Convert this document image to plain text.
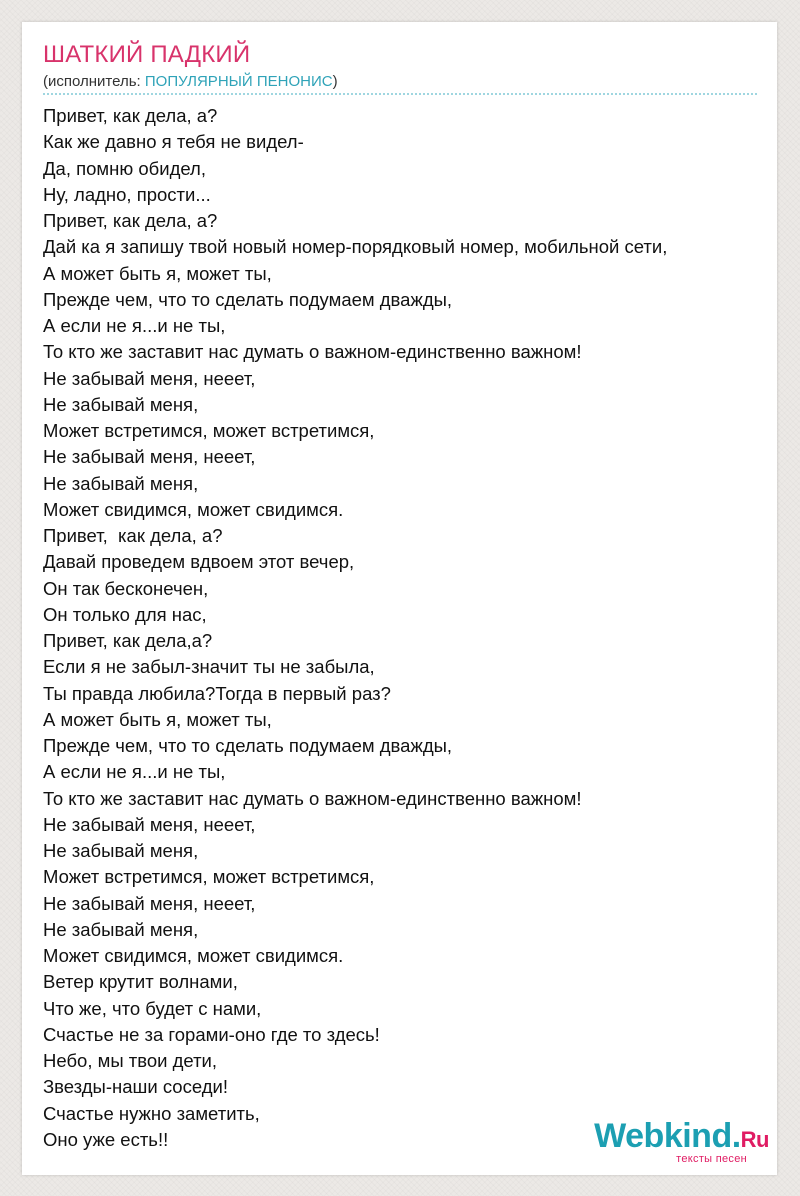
ШАТКИЙ ПАДКИЙ
(исполнитель: ПОПУЛЯРНЫЙ ПЕНОНИС)
Привет, как дела, а?
Как же давно я тебя не видел-
Да, помню обидел,
Ну, ладно, прости...
Привет, как дела, а?
Дай ка я запишу твой новый номер-порядковый номер, мобильной сети,
А может быть я, может ты,
Прежде чем, что то сделать подумаем дважды,
А если не я...и не ты,
То кто же заставит нас думать о важном-единственно важном!
Не забывай меня, нееет,
Не забывай меня,
Может встретимся, может встретимся,
Не забывай меня, нееет,
Не забывай меня,
Может свидимся, может свидимся.
Привет,  как дела, а?
Давай проведем вдвоем этот вечер,
Он так бесконечен,
Он только для нас,
Привет, как дела,а?
Если я не забыл-значит ты не забыла,
Ты правда любила?Тогда в первый раз?
А может быть я, может ты,
Прежде чем, что то сделать подумаем дважды,
А если не я...и не ты,
То кто же заставит нас думать о важном-единственно важном!
Не забывай меня, нееет,
Не забывай меня,
Может встретимся, может встретимся,
Не забывай меня, нееет,
Не забывай меня,
Может свидимся, может свидимся.
Ветер крутит волнами,
Что же, что будет с нами,
Счастье не за горами-оно где то здесь!
Небо, мы твои дети,
Звезды-наши соседи!
Счастье нужно заметить,
Оно уже есть!!	Webkind.Ru
тексты песен
